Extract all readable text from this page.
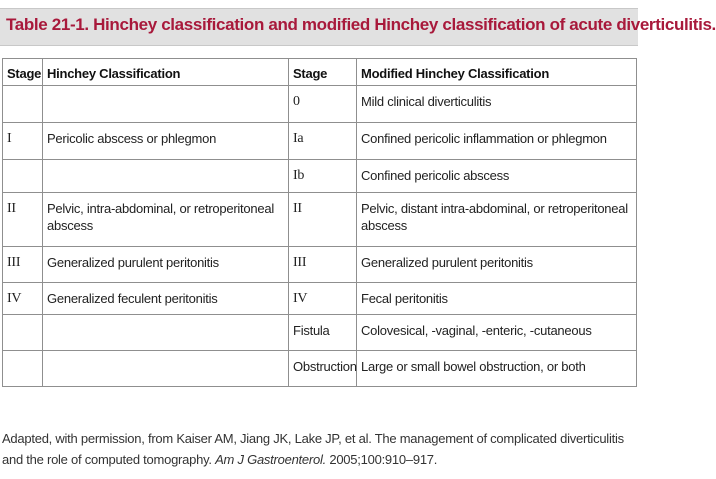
Table 21-1. Hinchey classification and modified Hinchey classification of acute diverticulitis.
Stage	Hinchey Classification	Stage	Modified Hinchey Classification
		0	Mild clinical diverticulitis
I	Pericolic abscess or phlegmon	Ia	Confined pericolic inflammation or phlegmon
		Ib	Confined pericolic abscess
II	Pelvic, intra-abdominal, or retroperitoneal abscess	II	Pelvic, distant intra-abdominal, or retroperitoneal abscess
III	Generalized purulent peritonitis	III	Generalized purulent peritonitis
IV	Generalized feculent peritonitis	IV	Fecal peritonitis
		Fistula	Colovesical, -vaginal, -enteric, -cutaneous
		Obstruction	Large or small bowel obstruction, or both
Adapted, with permission, from Kaiser AM, Jiang JK, Lake JP, et al. The management of complicated diverticulitis and the role of computed tomography. Am J Gastroenterol. 2005;100:910–917.
